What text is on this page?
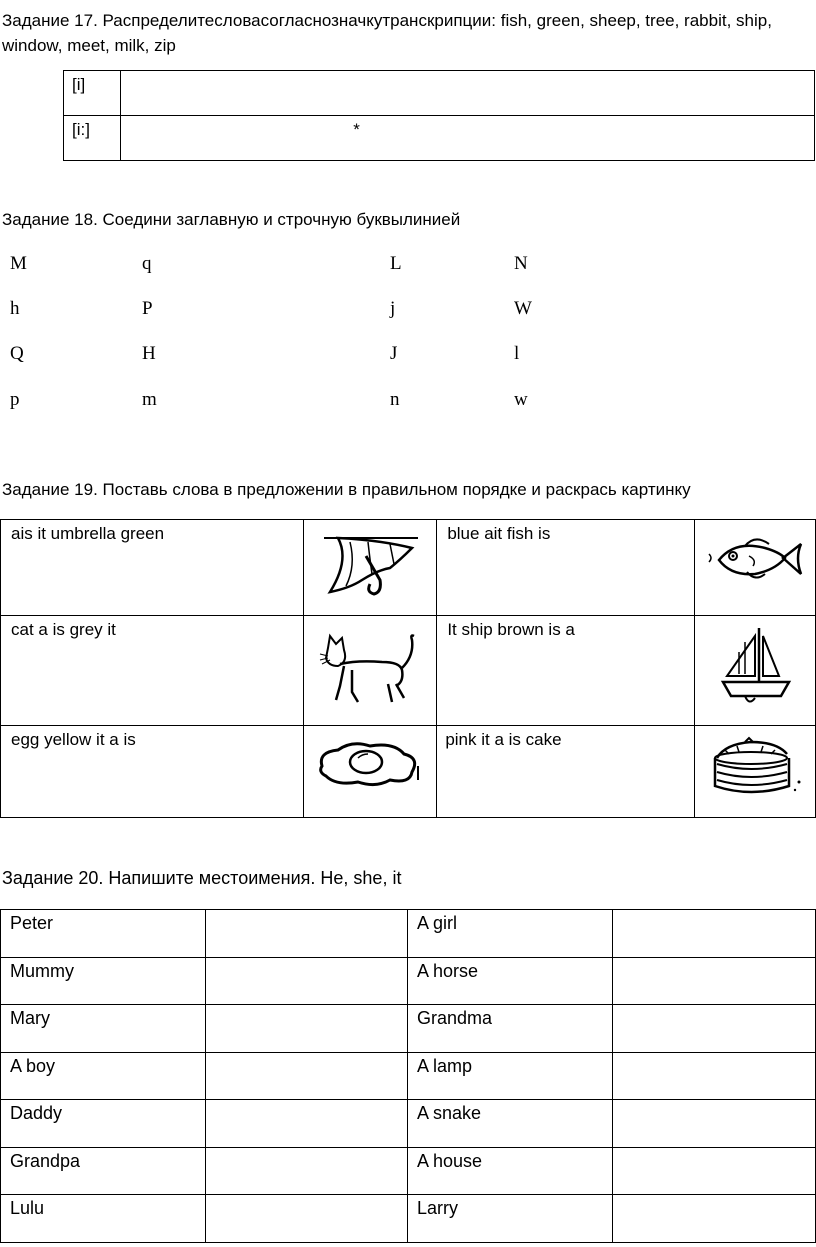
Задание 17. Распределитесловасогласнозначкутранскрипции: fish, green, sheep, tree, rabbit, ship, window, meet, milk, zip
[i]	
[i:]	*
Задание 18. Соедини заглавную и строчную буквылинией
M	q	L	N
h	P	j	W
Q	H	J	l
p	m	n	w
Задание 19. Поставь слова в предложении в правильном порядке и раскрась картинку
ais it umbrella green		blue ait fish is	

cat a is grey it		It ship brown is a	

egg yellow it a is		pink it a is cake	
Задание 20. Напишите местоимения. He, she, it
Peter		A girl	
Mummy		A horse	
Mary		Grandma	
A boy		A lamp	
Daddy		A snake	
Grandpa		A house	
Lulu		Larry	
